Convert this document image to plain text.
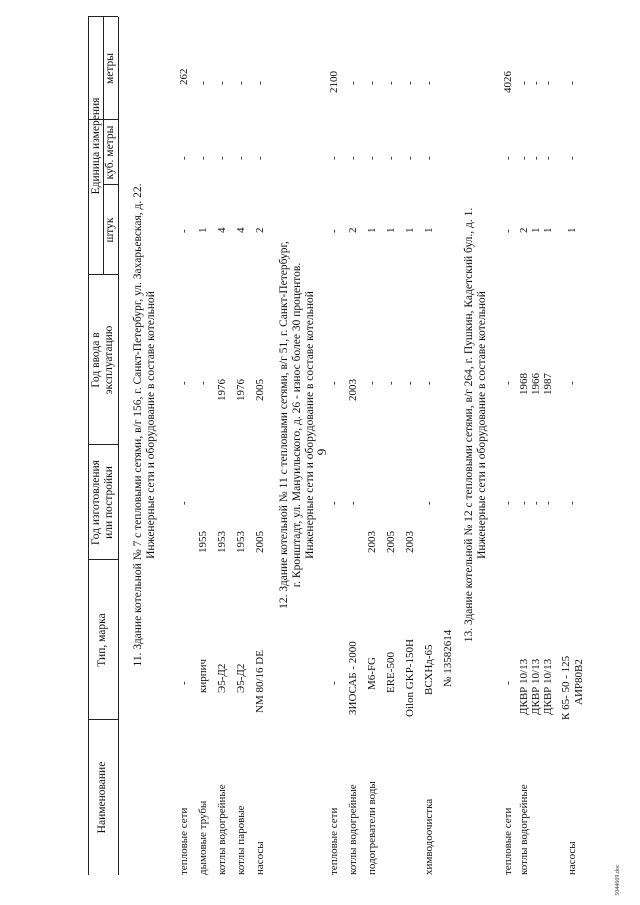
9
5044669.doc
Наименование
Тип, марка
Год изготовления или постройки
Год ввода в эксплуатацию
Единица измерения
штук
куб. метры
метры
11. Здание котельной № 7 с тепловыми сетями, в/г 156, г. Санкт-Петербург, ул. Захарьевская, д. 22. Инженерные сети и оборудование в составе котельной
тепловые сети
-
-
-
-
-
262
дымовые трубы
кирпич
1955
-
1
-
-
котлы водогрейные
Э5-Д2
1953
1976
4
-
-
котлы паровые
Э5-Д2
1953
1976
4
-
-
насосы
NM 80/16 DE
2005
2005
2
-
-
12. Здание котельной № 11 с тепловыми сетями, в/г 51, г. Санкт-Петербург, г. Кронштадт, ул. Мануильского, д. 26 - износ более 30 процентов. Инженерные сети и оборудование в составе котельной
тепловые сети
-
-
-
-
-
2100
котлы водогрейные
ЗИОСАБ - 2000
-
2003
2
-
-
подогреватели воды
M6-FG
2003
-
1
-
-
ERE-500
2005
-
1
-
-
Oilon GKP-150H
2003
-
1
-
-
химводоочистка
ВСХНд-65
-
-
1
-
-
№ 13582614
13. Здание котельной № 12 с тепловыми сетями, в/г 264, г. Пушкин, Кадетский бул., д. 1. Инженерные сети и оборудование в составе котельной
тепловые сети
-
-
-
-
-
4026
котлы водогрейные
ДКВР 10/13
-
1968
2
-
-
ДКВР 10/13
-
1966
1
-
-
ДКВР 10/13
-
1987
1
-
-
насосы
К 65- 50 - 125
-
-
1
-
-
АИР80В2
